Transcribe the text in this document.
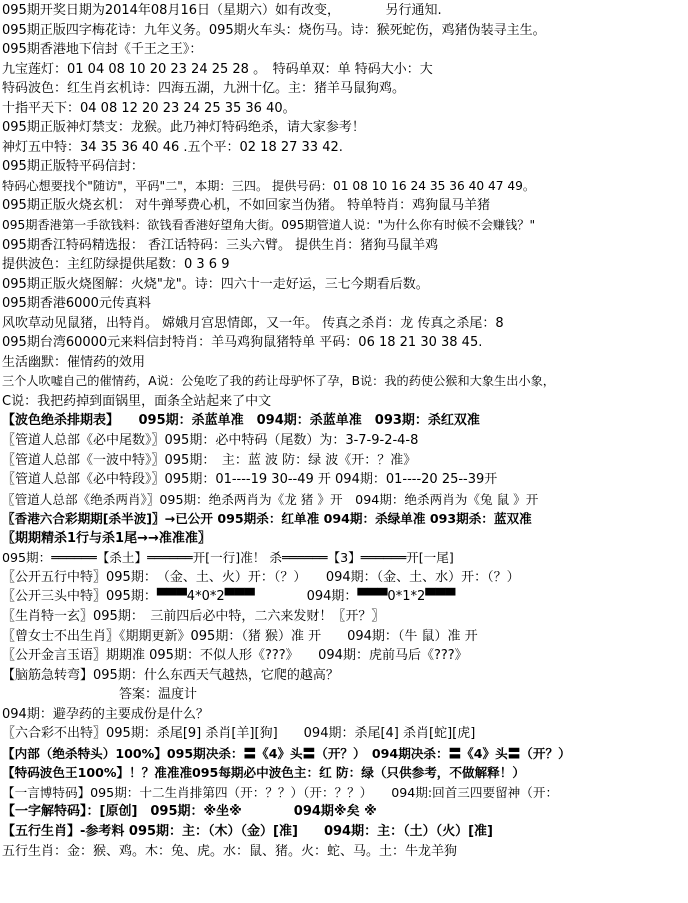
095期开奖日期为2014年08月16日（星期六）如有改变，　　　　另行通知.
095期正版四字梅花诗：九年义务。095期火车头：烧伤马。诗：猴死蛇伤，鸡猪伪装寻主生。
095期香港地下信封《千王之王》：
九宝莲灯：01 04 08 10 20 23 24 25 28 。　特码单双：单 特码大小：大
特码波色：红生肖玄机诗：四海五湖，九洲十亿。主：猪羊马鼠狗鸡。
十指平天下：04 08 12 20 23 24 25 35 36 40。
095期正版神灯禁支：龙猴。此乃神灯特码绝杀，请大家参考！
神灯五中特：34 35 36 40 46 .五个平：02 18 27 33 42.
095期正版特平码信封：
特码心想要找个"随访"，平码"二"，本期：三四。 提供号码：01 08 10 16 24 35 36 40 47 49。
095期正版火烧玄机： 对牛弹琴费心机，不如回家当伪猪。 特单特肖：鸡狗鼠马羊猪
095期香港第一手欲钱料：欲钱看香港好望角大街。095期管道人说："为什么你有时候不会赚钱？"
095期香江特码精选报： 香江话特码：三头六臂。 提供生肖：猪狗马鼠羊鸡
提供波色：主红防绿提供尾数：0 3 6 9
095期正版火烧图解：火烧"龙"。诗：四六十一走好运，三七今期看后数。
095期香港6000元传真料
风吹草动见鼠猪，出特肖。 嫦娥月宫思情郎，又一年。 传真之杀肖：龙 传真之杀尾：8
095期台湾60000元来料信封特肖：羊马鸡狗鼠猪特单 平码：06 18 21 30 38 45.
生活幽默：催情药的效用
三个人吹嘘自己的催情药，A说：公兔吃了我的药让母驴怀了孕，B说：我的药使公猴和大象生出小象，
C说：我把药掉到面锅里，面条全站起来了中文
【波色绝杀排期表】　　095期：杀蓝单准　094期：杀蓝单准　093期：杀红双准
〖管道人总部《必中尾数》〗095期：必中特码（尾数）为：3-7-9-2-4-8
〖管道人总部《一波中特》〗095期：　主：蓝 波 防：绿 波《开：？准》
〖管道人总部《必中特段》〗095期：01----19 30--49 开 094期：01----20 25--39开
〖管道人总部《绝杀两肖》〗095期：绝杀两肖为《龙 猪 》开　094期：绝杀两肖为《兔 鼠 》开
〖香港六合彩期期[杀半波]〗→已公开 095期杀：红单准 094期：杀绿单准 093期杀：蓝双准
〖期期精杀1行与杀1尾→→准准准〗
095期：══════【杀土】══════开[一行]准！ 杀══════【3】══════开[一尾]
〖公开五行中特〗095期：　（金、土、火）开：（？）　　094期：（金、土、水）开：（？）
〖公开三头中特〗095期：▀▀▀4*0*2▀▀▀　　　　094期：▀▀▀0*1*2▀▀▀
〖生肖特一玄〗095期：　三前四后必中特，二六来发财！〖开？〗
〖曾女士不出生肖〗《期期更新》095期：（猪 猴）准 开　　094期：（牛 鼠）准 开
〖公开金言玉语〗期期准 095期：不似人形《???》　　094期：虎前马后《???》
【脑筋急转弯】095期：什么东西天气越热，它爬的越高？
　　　　　　　　　答案：温度计
094期：避孕药的主要成份是什么？
〖六合彩不出特〗095期：杀尾[9] 杀肖[羊][狗]　　094期：杀尾[4] 杀肖[蛇][虎]
【内部（绝杀特头）100%】095期决杀：〓《4》头〓（开？）　094期决杀：〓《4》头〓（开？）
【特码波色王100%】！？准准准095每期必中波色主：红 防：绿（只供参考，不做解释！）
【一言博特码】095期：十二生肖排第四（开：？？）（开：？？）　　094期:回首三四要留神（开：
【一字解特码】：[原创]　095期：※坐※　　　　094期※矣 ※
【五行生肖】-参考料 095期：主：（木）（金）[准]　　094期：主：（土）（火）[准]
五行生肖：金：猴、鸡。木：兔、虎。水：鼠、猪。火：蛇、马。土：牛龙羊狗
